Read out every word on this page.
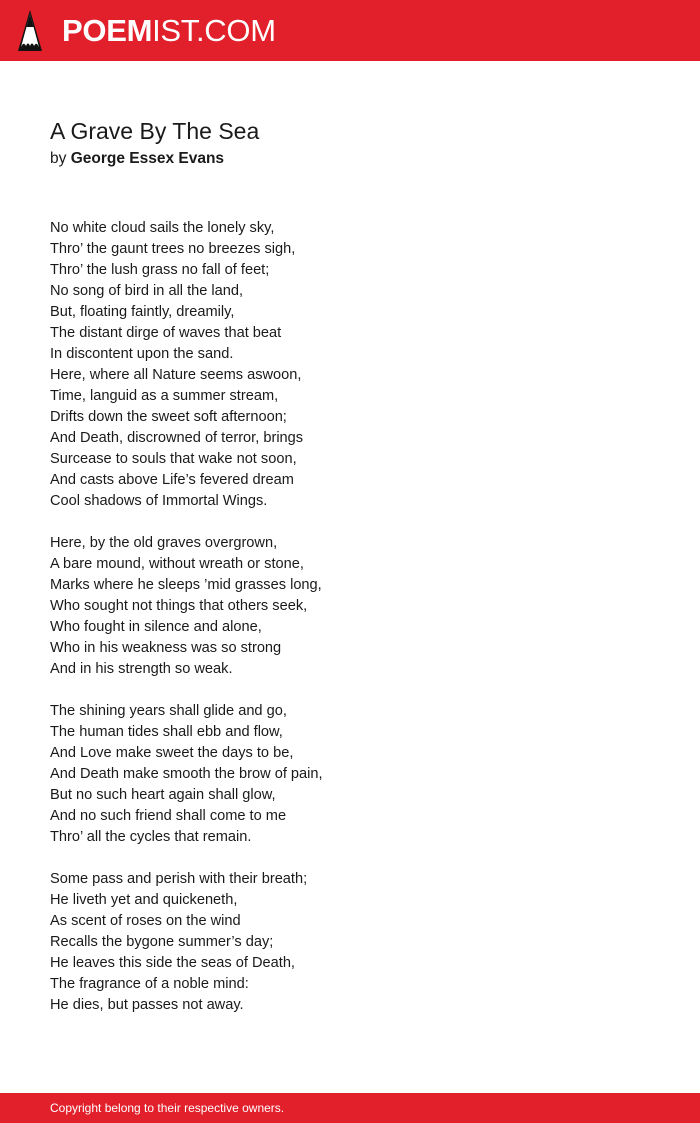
POEMIST.COM
A Grave By The Sea
by George Essex Evans
No white cloud sails the lonely sky,
Thro’ the gaunt trees no breezes sigh,
Thro’ the lush grass no fall of feet;
No song of bird in all the land,
But, floating faintly, dreamily,
The distant dirge of waves that beat
In discontent upon the sand.
Here, where all Nature seems aswoon,
Time, languid as a summer stream,
Drifts down the sweet soft afternoon;
And Death, discrowned of terror, brings
Surcease to souls that wake not soon,
And casts above Life’s fevered dream
Cool shadows of Immortal Wings.
Here, by the old graves overgrown,
A bare mound, without wreath or stone,
Marks where he sleeps ’mid grasses long,
Who sought not things that others seek,
Who fought in silence and alone,
Who in his weakness was so strong
And in his strength so weak.
The shining years shall glide and go,
The human tides shall ebb and flow,
And Love make sweet the days to be,
And Death make smooth the brow of pain,
But no such heart again shall glow,
And no such friend shall come to me
Thro’ all the cycles that remain.
Some pass and perish with their breath;
He liveth yet and quickeneth,
As scent of roses on the wind
Recalls the bygone summer’s day;
He leaves this side the seas of Death,
The fragrance of a noble mind:
He dies, but passes not away.
Copyright belong to their respective owners.
